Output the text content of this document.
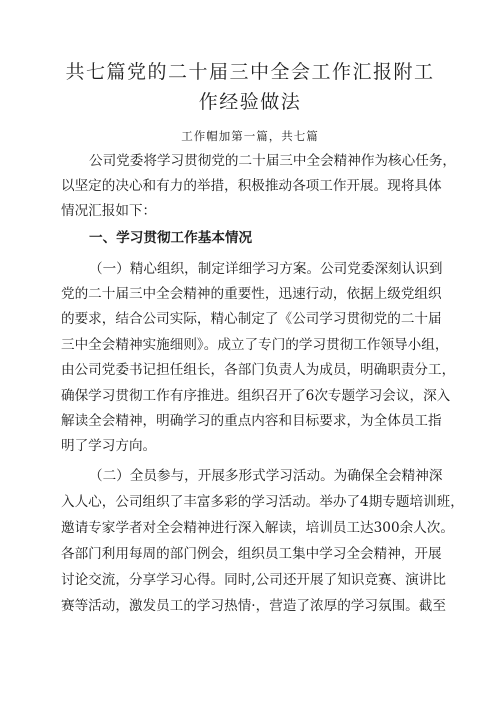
共七篇党的二十届三中全会工作汇报附工
作经验做法
工作帽加第一篇，共七篇
公司党委将学习贯彻党的二十届三中全会精神作为核心任务，
以坚定的决心和有力的举措，积极推动各项工作开展。现将具体
情况汇报如下：
一、学习贯彻工作基本情况
（一）精心组织，制定详细学习方案。公司党委深刻认识到
党的二十届三中全会精神的重要性，迅速行动，依据上级党组织
的要求，结合公司实际，精心制定了《公司学习贯彻党的二十届
三中全会精神实施细则》。成立了专门的学习贯彻工作领导小组，
由公司党委书记担任组长，各部门负责人为成员，明确职责分工，
确保学习贯彻工作有序推进。组织召开了6次专题学习会议，深入
解读全会精神，明确学习的重点内容和目标要求，为全体员工指
明了学习方向。
（二）全员参与，开展多形式学习活动。为确保全会精神深
入人心，公司组织了丰富多彩的学习活动。举办了4期专题培训班，
邀请专家学者对全会精神进行深入解读，培训员工达300余人次。
各部门利用每周的部门例会，组织员工集中学习全会精神，开展
讨论交流，分享学习心得。同时,公司还开展了知识竞赛、演讲比
赛等活动，激发员工的学习热情·，营造了浓厚的学习氛围。截至
